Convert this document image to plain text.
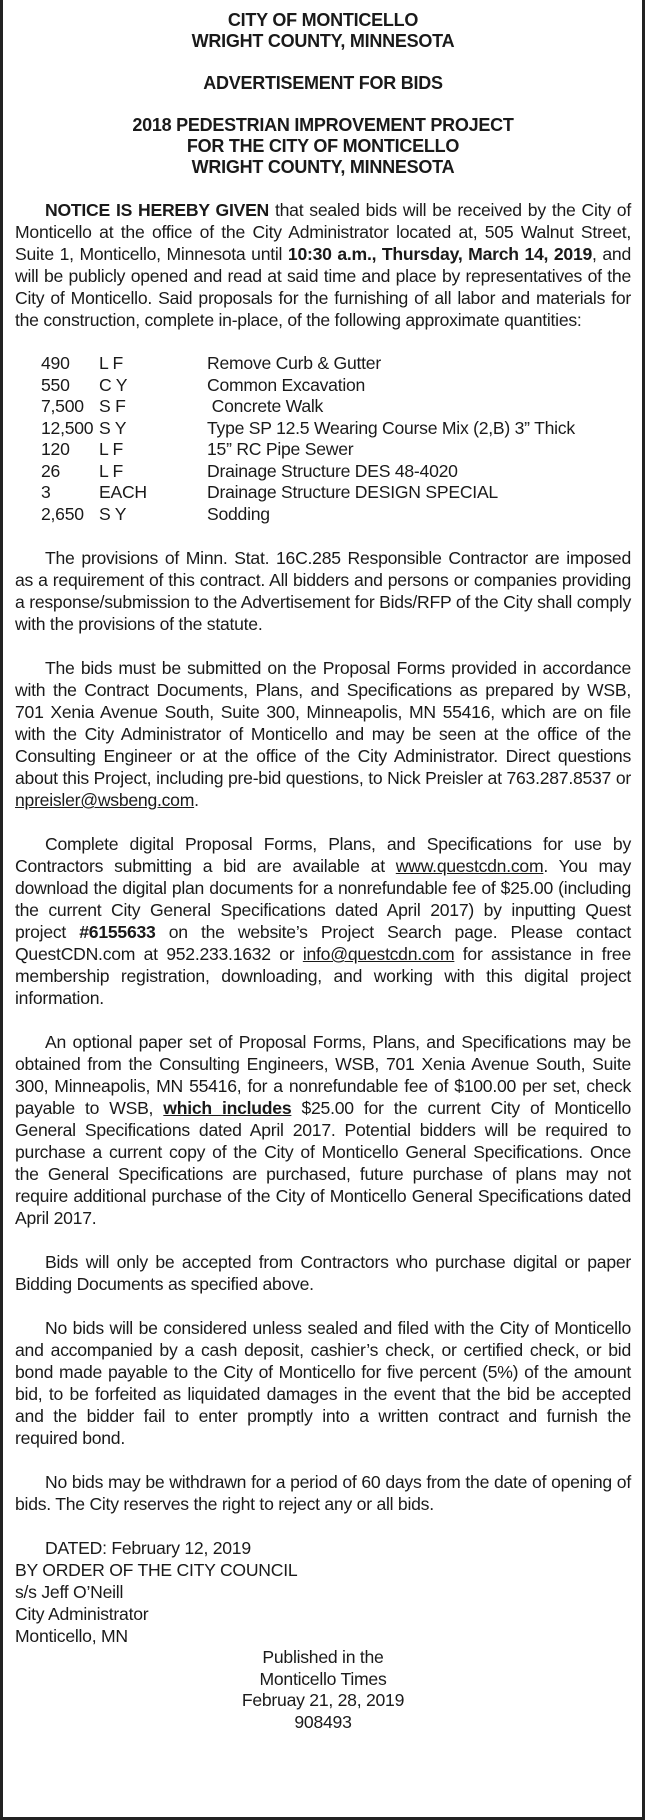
CITY OF MONTICELLO
WRIGHT COUNTY, MINNESOTA
ADVERTISEMENT FOR BIDS
2018 PEDESTRIAN IMPROVEMENT PROJECT
FOR THE CITY OF MONTICELLO
WRIGHT COUNTY, MINNESOTA

NOTICE IS HEREBY GIVEN that sealed bids will be received by the City of Monticello at the office of the City Administrator located at, 505 Walnut Street, Suite 1, Monticello, Minnesota until 10:30 a.m., Thursday, March 14, 2019, and will be publicly opened and read at said time and place by representatives of the City of Monticello. Said proposals for the furnishing of all labor and materials for the construction, complete in-place, of the following approximate quantities:

490	L F	Remove Curb & Gutter
550	C Y	Common Excavation
7,500	S F	Concrete Walk
12,500	S Y	Type SP 12.5 Wearing Course Mix (2,B) 3” Thick
120	L F	15” RC Pipe Sewer
26	L F	Drainage Structure DES 48-4020
3	EACH	Drainage Structure DESIGN SPECIAL
2,650	S Y	Sodding

The provisions of Minn. Stat. 16C.285 Responsible Contractor are imposed as a requirement of this contract. All bidders and persons or companies providing a response/submission to the Advertisement for Bids/RFP of the City shall comply with the provisions of the statute.

The bids must be submitted on the Proposal Forms provided in accordance with the Contract Documents, Plans, and Specifications as prepared by WSB, 701 Xenia Avenue South, Suite 300, Minneapolis, MN 55416, which are on file with the City Administrator of Monticello and may be seen at the office of the Consulting Engineer or at the office of the City Administrator. Direct questions about this Project, including pre-bid questions, to Nick Preisler at 763.287.8537 or npreisler@wsbeng.com.

Complete digital Proposal Forms, Plans, and Specifications for use by Contractors submitting a bid are available at www.questcdn.com. You may download the digital plan documents for a nonrefundable fee of $25.00 (including the current City General Specifications dated April 2017) by inputting Quest project #6155633 on the website’s Project Search page. Please contact QuestCDN.com at 952.233.1632 or info@questcdn.com for assistance in free membership registration, downloading, and working with this digital project information.

An optional paper set of Proposal Forms, Plans, and Specifications may be obtained from the Consulting Engineers, WSB, 701 Xenia Avenue South, Suite 300, Minneapolis, MN 55416, for a nonrefundable fee of $100.00 per set, check payable to WSB, which includes $25.00 for the current City of Monticello General Specifications dated April 2017. Potential bidders will be required to purchase a current copy of the City of Monticello General Specifications. Once the General Specifications are purchased, future purchase of plans may not require additional purchase of the City of Monticello General Specifications dated April 2017.

Bids will only be accepted from Contractors who purchase digital or paper Bidding Documents as specified above.

No bids will be considered unless sealed and filed with the City of Monticello and accompanied by a cash deposit, cashier’s check, or certified check, or bid bond made payable to the City of Monticello for five percent (5%) of the amount bid, to be forfeited as liquidated damages in the event that the bid be accepted and the bidder fail to enter promptly into a written contract and furnish the required bond.

No bids may be withdrawn for a period of 60 days from the date of opening of bids. The City reserves the right to reject any or all bids.

DATED: February 12, 2019
BY ORDER OF THE CITY COUNCIL
s/s Jeff O’Neill
City Administrator
Monticello, MN
Published in the
Monticello Times
Februay 21, 28, 2019
908493
